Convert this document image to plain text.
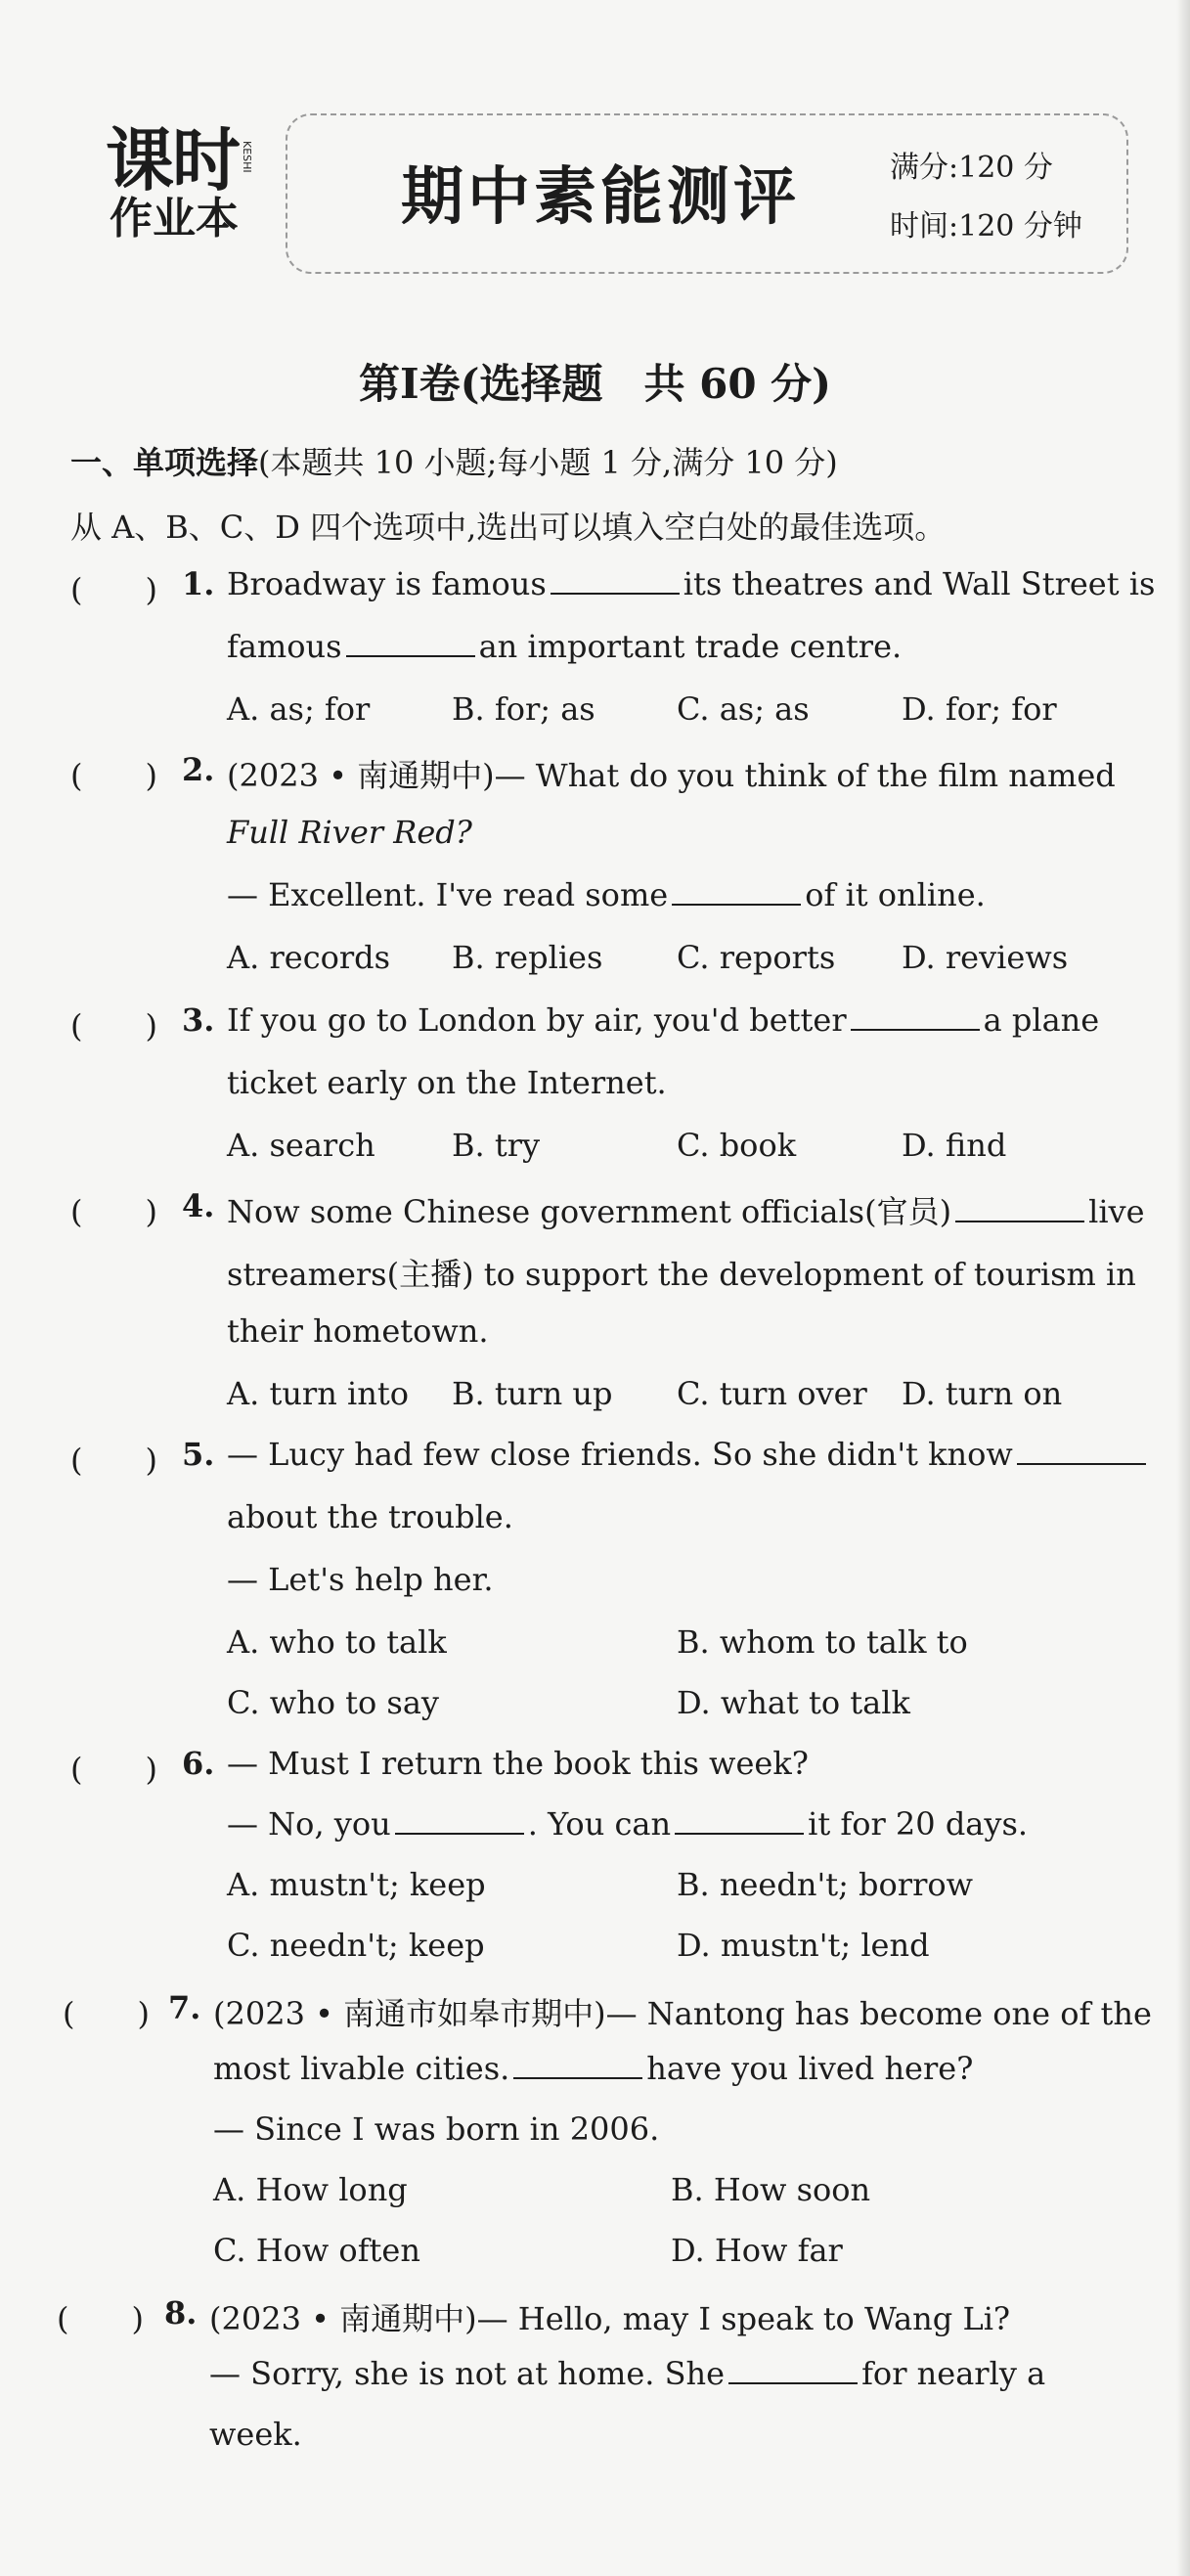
课时
作业本
KESHI
期中素能测评	满分:120 分
时间:120 分钟
第Ⅰ卷(选择题　共 60 分)
一、单项选择(本题共 10 小题;每小题 1 分,满分 10 分)
从 A、B、C、D 四个选项中,选出可以填入空白处的最佳选项。
(　　) 1. Broadway is famous	its theatres and Wall Street is
famous	an important trade centre.
A. as; for	B. for; as	C. as; as	D. for; for
(　　) 2. (2023 • 南通期中)— What do you think of the film named
Full River Red?
— Excellent. I've read some	of it online.
A. records B. replies C. reports D. reviews
(　　) 3. If you go to London by air, you'd better	a plane
ticket early on the Internet.
A. search B. try	C. book	D. find
(　　) 4. Now some Chinese government officials(官员)	live
streamers(主播) to support the development of tourism in
their hometown.
A. turn into B. turn up C. turn over D. turn on
(　　) 5. — Lucy had few close friends. So she didn't know
about the trouble.
— Let's help her.
A. who to talk	B. whom to talk to
C. who to say	D. what to talk
(　　) 6. — Must I return the book this week?
— No, you	. You can	it for 20 days.
A. mustn't; keep	B. needn't; borrow
C. needn't; keep	D. mustn't; lend
(　　) 7. (2023 • 南通市如皋市期中)— Nantong has become one of the
most livable cities.	have you lived here?
— Since I was born in 2006.
A. How long	B. How soon
C. How often	D. How far
(　　) 8. (2023 • 南通期中)— Hello, may I speak to Wang Li?
— Sorry, she is not at home. She	for nearly a
week.
